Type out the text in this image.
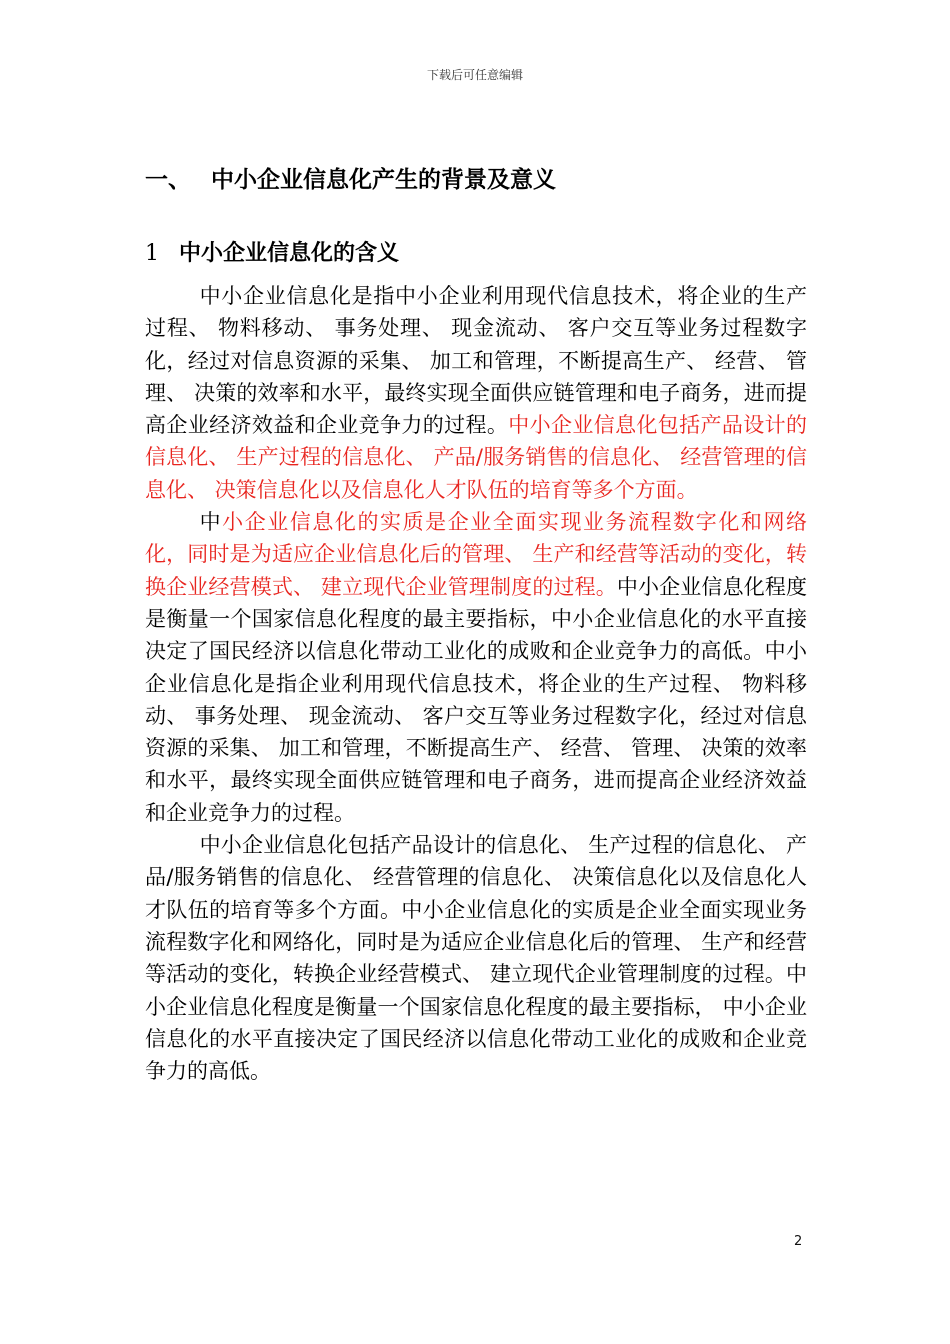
下载后可任意编辑
一、 中小企业信息化产生的背景及意义
1 中小企业信息化的含义

中小企业信息化是指中小企业利用现代信息技术，将企业的生产过程、 物料移动、 事务处理、 现金流动、 客户交互等业务过程数字化，经过对信息资源的采集、 加工和管理，不断提高生产、 经营、 管理、 决策的效率和水平，最终实现全面供应链管理和电子商务，进而提高企业经济效益和企业竞争力的过程。中小企业信息化包括产品设计的信息化、 生产过程的信息化、 产品/服务销售的信息化、 经营管理的信息化、 决策信息化以及信息化人才队伍的培育等多个方面。

中小企业信息化的实质是企业全面实现业务流程数字化和网络化，同时是为适应企业信息化后的管理、 生产和经营等活动的变化，转换企业经营模式、 建立现代企业管理制度的过程。中小企业信息化程度是衡量一个国家信息化程度的最主要指标，中小企业信息化的水平直接决定了国民经济以信息化带动工业化的成败和企业竞争力的高低。中小企业信息化是指企业利用现代信息技术，将企业的生产过程、 物料移动、 事务处理、 现金流动、 客户交互等业务过程数字化，经过对信息资源的采集、 加工和管理，不断提高生产、 经营、 管理、 决策的效率和水平，最终实现全面供应链管理和电子商务，进而提高企业经济效益和企业竞争力的过程。

中小企业信息化包括产品设计的信息化、 生产过程的信息化、 产品/服务销售的信息化、 经营管理的信息化、 决策信息化以及信息化人才队伍的培育等多个方面。中小企业信息化的实质是企业全面实现业务流程数字化和网络化，同时是为适应企业信息化后的管理、 生产和经营等活动的变化，转换企业经营模式、 建立现代企业管理制度的过程。中小企业信息化程度是衡量一个国家信息化程度的最主要指标， 中小企业信息化的水平直接决定了国民经济以信息化带动工业化的成败和企业竞争力的高低。

2
